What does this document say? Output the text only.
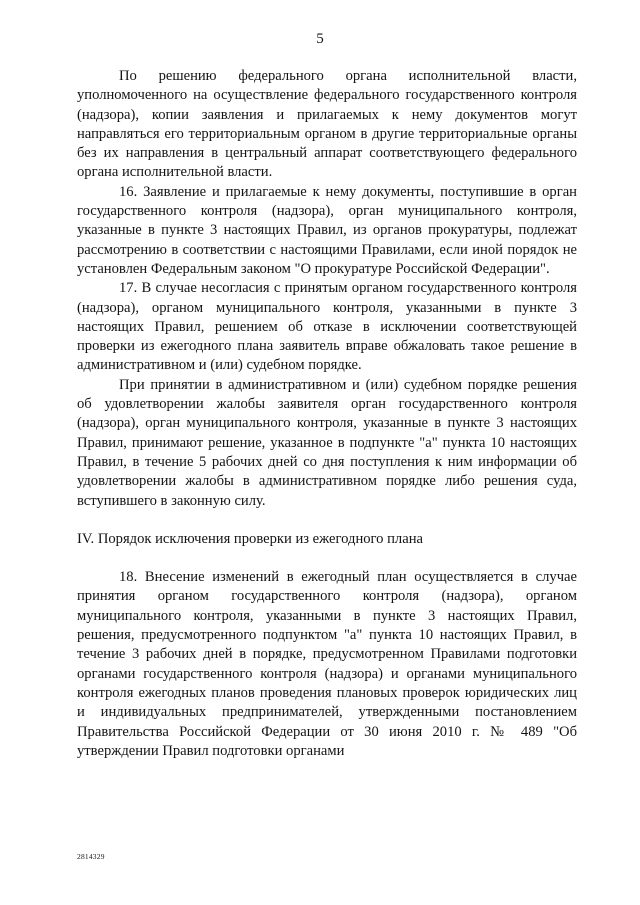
5

По решению федерального органа исполнительной власти, уполномоченного на осуществление федерального государственного контроля (надзора), копии заявления и прилагаемых к нему документов могут направляться его территориальным органом в другие территориальные органы без их направления в центральный аппарат соответствующего федерального органа исполнительной власти.

16. Заявление и прилагаемые к нему документы, поступившие в орган государственного контроля (надзора), орган муниципального контроля, указанные в пункте 3 настоящих Правил, из органов прокуратуры, подлежат рассмотрению в соответствии с настоящими Правилами, если иной порядок не установлен Федеральным законом "О прокуратуре Российской Федерации".

17. В случае несогласия с принятым органом государственного контроля (надзора), органом муниципального контроля, указанными в пункте 3 настоящих Правил, решением об отказе в исключении соответствующей проверки из ежегодного плана заявитель вправе обжаловать такое решение в административном и (или) судебном порядке.

При принятии в административном и (или) судебном порядке решения об удовлетворении жалобы заявителя орган государственного контроля (надзора), орган муниципального контроля, указанные в пункте 3 настоящих Правил, принимают решение, указанное в подпункте "а" пункта 10 настоящих Правил, в течение 5 рабочих дней со дня поступления к ним информации об удовлетворении жалобы в административном порядке либо решения суда, вступившего в законную силу.

IV. Порядок исключения проверки из ежегодного плана

18. Внесение изменений в ежегодный план осуществляется в случае принятия органом государственного контроля (надзора), органом муниципального контроля, указанными в пункте 3 настоящих Правил, решения, предусмотренного подпунктом "а" пункта 10 настоящих Правил, в течение 3 рабочих дней в порядке, предусмотренном Правилами подготовки органами государственного контроля (надзора) и органами муниципального контроля ежегодных планов проведения плановых проверок юридических лиц и индивидуальных предпринимателей, утвержденными постановлением Правительства Российской Федерации от 30 июня 2010 г. № 489 "Об утверждении Правил подготовки органами

2814329
